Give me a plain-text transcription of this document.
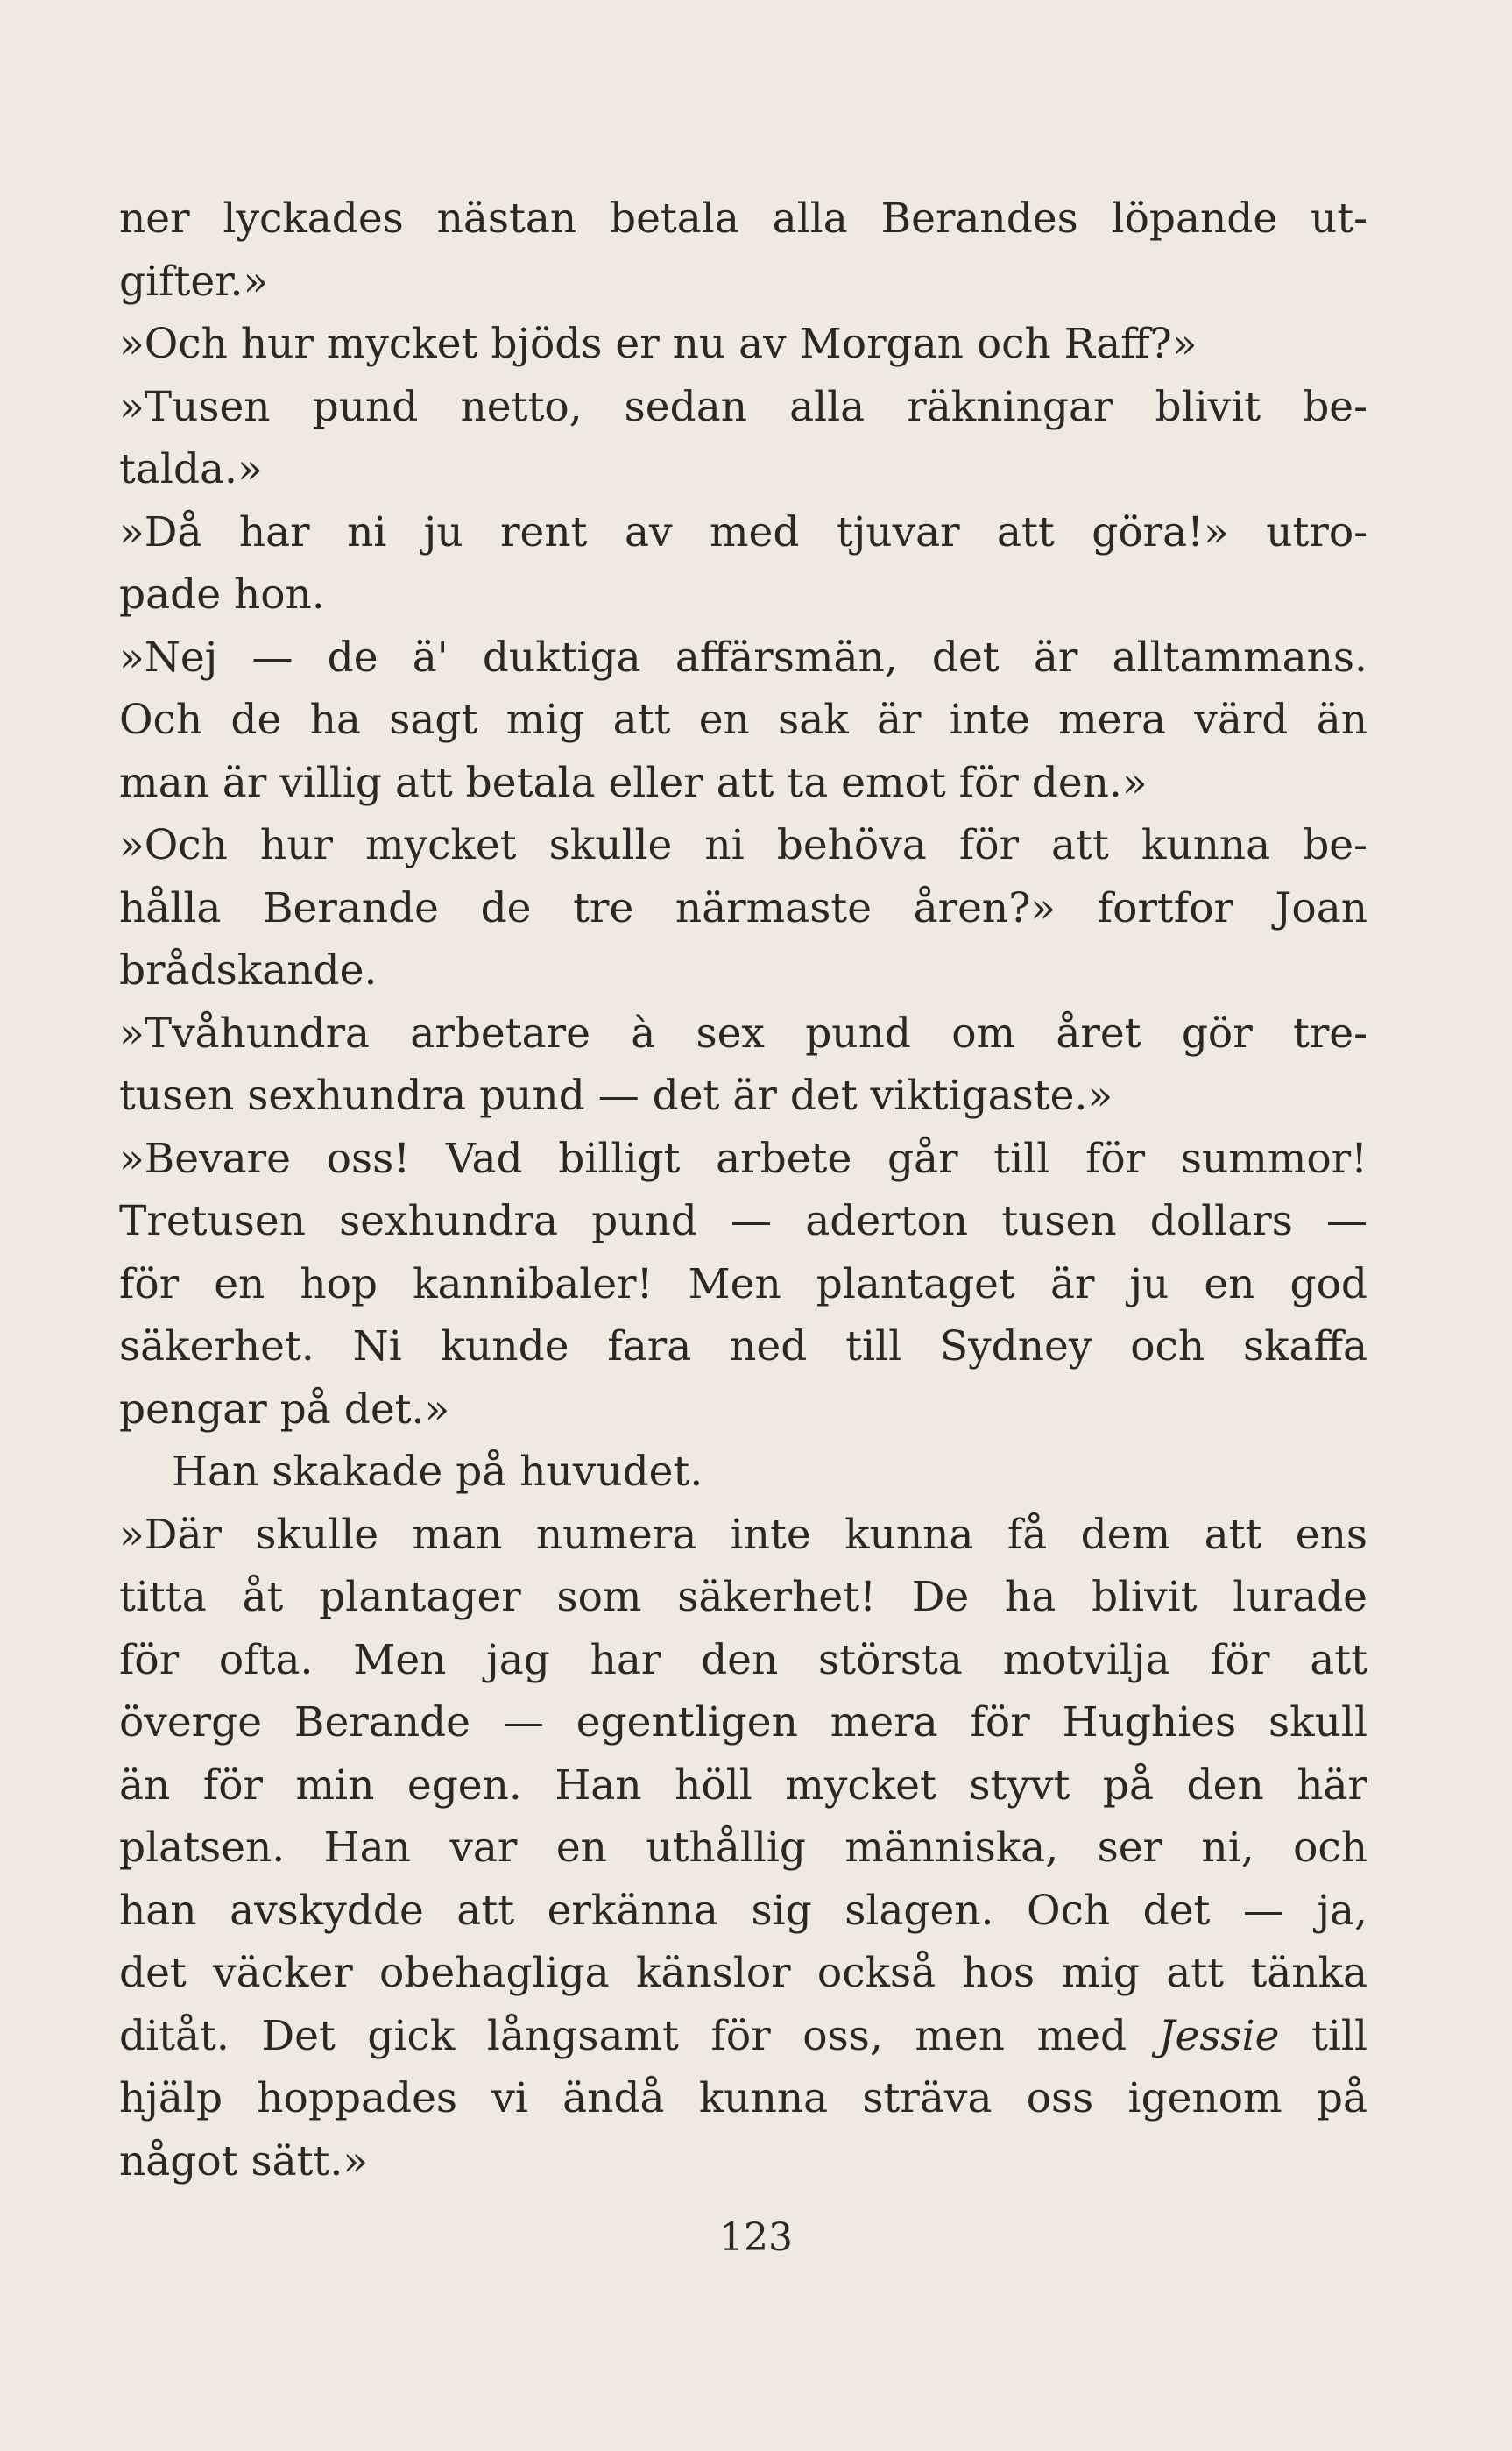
ner lyckades nästan betala alla Berandes löpande ut-
gifter.»
»Och hur mycket bjöds er nu av Morgan och Raff?»
»Tusen pund netto, sedan alla räkningar blivit be-
talda.»
»Då har ni ju rent av med tjuvar att göra!» utro-
pade hon.
»Nej — de ä' duktiga affärsmän, det är alltammans.
Och de ha sagt mig att en sak är inte mera värd än
man är villig att betala eller att ta emot för den.»
»Och hur mycket skulle ni behöva för att kunna be-
hålla Berande de tre närmaste åren?» fortfor Joan
brådskande.
»Tvåhundra arbetare à sex pund om året gör tre-
tusen sexhundra pund — det är det viktigaste.»
»Bevare oss! Vad billigt arbete går till för summor!
Tretusen sexhundra pund — aderton tusen dollars —
för en hop kannibaler! Men plantaget är ju en god
säkerhet. Ni kunde fara ned till Sydney och skaffa
pengar på det.»
Han skakade på huvudet.
»Där skulle man numera inte kunna få dem att ens
titta åt plantager som säkerhet! De ha blivit lurade
för ofta. Men jag har den största motvilja för att
överge Berande — egentligen mera för Hughies skull
än för min egen. Han höll mycket styvt på den här
platsen. Han var en uthållig människa, ser ni, och
han avskydde att erkänna sig slagen. Och det — ja,
det väcker obehagliga känslor också hos mig att tänka
ditåt. Det gick långsamt för oss, men med Jessie till
hjälp hoppades vi ändå kunna sträva oss igenom på
något sätt.»
123
